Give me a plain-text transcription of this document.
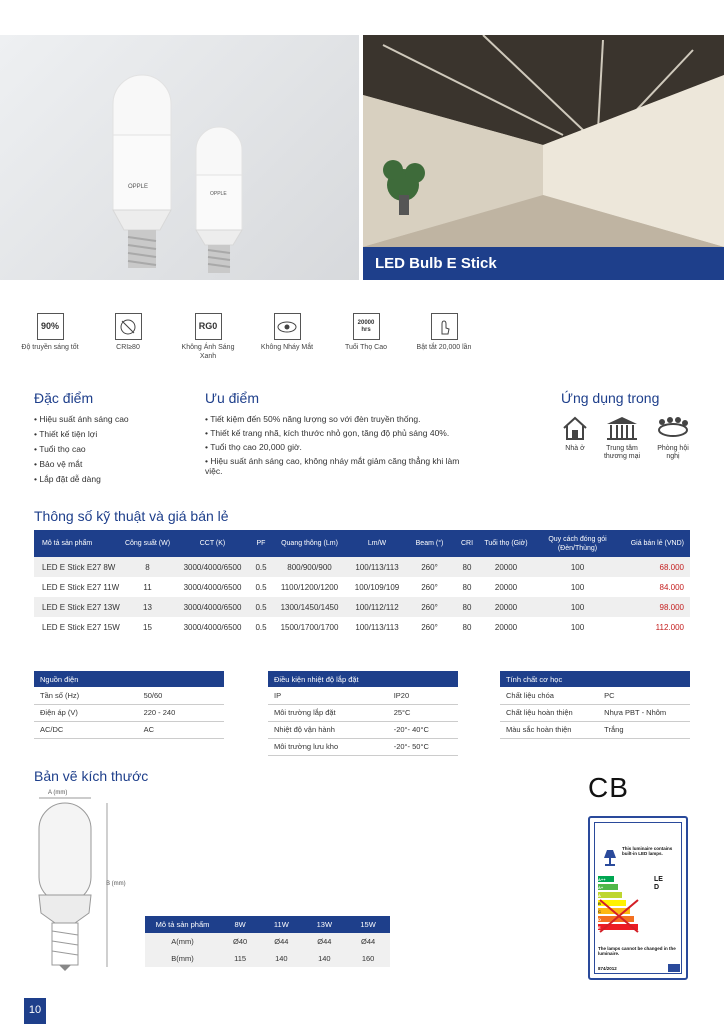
OPPLE
OPPLE
LED Bulb E Stick
90%
Độ truyền sáng tốt	CRI≥80
RG0
Không Ánh Sáng Xanh
Không Nháy Mắt
20000 hrs
Tuổi Thọ Cao	Bật tắt 20,000 lần
Đặc điểm
• Hiệu suất ánh sáng cao
• Thiết kế tiện lợi
• Tuổi thọ cao
• Bảo vệ mắt
• Lắp đặt dễ dàng
Ưu điểm
• Tiết kiệm đến 50% năng lượng so với đèn truyền thống.
• Thiết kế trang nhã, kích thước nhỏ gọn, tăng độ phủ sáng 40%.
• Tuổi thọ cao 20,000 giờ.
• Hiệu suất ánh sáng cao, không nháy mắt giảm căng thẳng khi làm việc.
Ứng dụng trong
Nhà ở	Trung tâm thương mại
Phòng hội nghị
Thông số kỹ thuật và giá bán lẻ
Mô tả sản phẩm	Công suất (W)	CCT (K)	PF	Quang thông (Lm)	Lm/W	Beam (°)	CRI	Tuổi thọ (Giờ)	Quy cách đóng gói (Đèn/Thùng)	Giá bán lẻ (VND)
LED E Stick E27 8W	8	3000/4000/6500	0.5	800/900/900	100/113/113	260°	80	20000	100	68.000
LED E Stick E27 11W	11	3000/4000/6500	0.5	1100/1200/1200	100/109/109	260°	80	20000	100	84.000
LED E Stick E27 13W	13	3000/4000/6500	0.5	1300/1450/1450	100/112/112	260°	80	20000	100	98.000
LED E Stick E27 15W	15	3000/4000/6500	0.5	1500/1700/1700	100/113/113	260°	80	20000	100	112.000
Nguồn điện	
Tần số (Hz)	50/60
Điện áp (V)	220 - 240
AC/DC	AC
Điều kiện nhiệt độ lắp đặt	
IP	IP20
Môi trường lắp đặt	25°C
Nhiệt độ vận hành	-20°- 40°C
Môi trường lưu kho	-20°- 50°C
Tính chất cơ học	
Chất liệu chóa	PC
Chất liệu hoàn thiện	Nhựa PBT - Nhôm
Màu sắc hoàn thiện	Trắng
Bản vẽ kích thước
A (mm)
B (mm)
Mô tả sản phẩm	8W	11W	13W	15W
A(mm)	Ø40	Ø44	Ø44	Ø44
B(mm)	115	140	140	160
CB
This luminaire contains built-in LED lamps.
A++
A+
A
B
C
D
E
LED
The lamps cannot be changed in the luminaire.
874/2012
10
